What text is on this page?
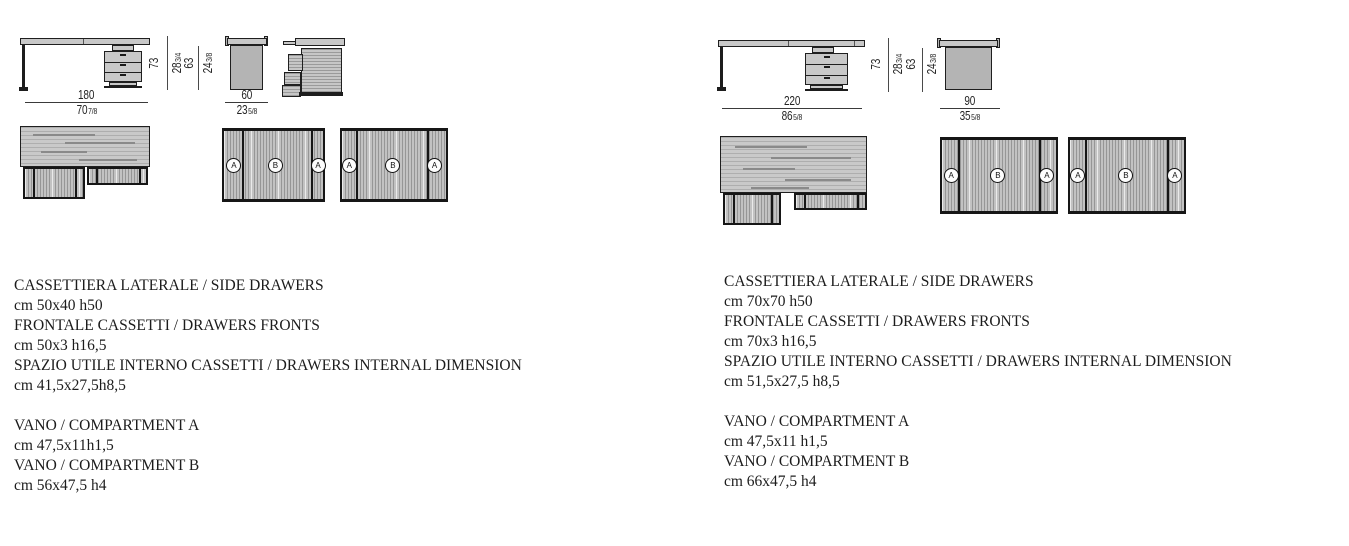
73 283/4
63 243/8
180
707/8
60
235/8
A	B	A	A	B	A
CASSETTIERA LATERALE / SIDE DRAWERS
cm 50x40 h50
FRONTALE CASSETTI / DRAWERS FRONTS
cm 50x3 h16,5
SPAZIO UTILE INTERNO CASSETTI / DRAWERS INTERNAL DIMENSION
cm 41,5x27,5h8,5
VANO / COMPARTMENT A
cm 47,5x11h1,5
VANO / COMPARTMENT B
cm 56x47,5 h4
73 283/4
63 243/8
220
865/8
90
355/8
A	B	A	A	B	A
CASSETTIERA LATERALE / SIDE DRAWERS
cm 70x70 h50
FRONTALE CASSETTI / DRAWERS FRONTS
cm 70x3 h16,5
SPAZIO UTILE INTERNO CASSETTI / DRAWERS INTERNAL DIMENSION
cm 51,5x27,5 h8,5
VANO / COMPARTMENT A
cm 47,5x11 h1,5
VANO / COMPARTMENT B
cm 66x47,5 h4
